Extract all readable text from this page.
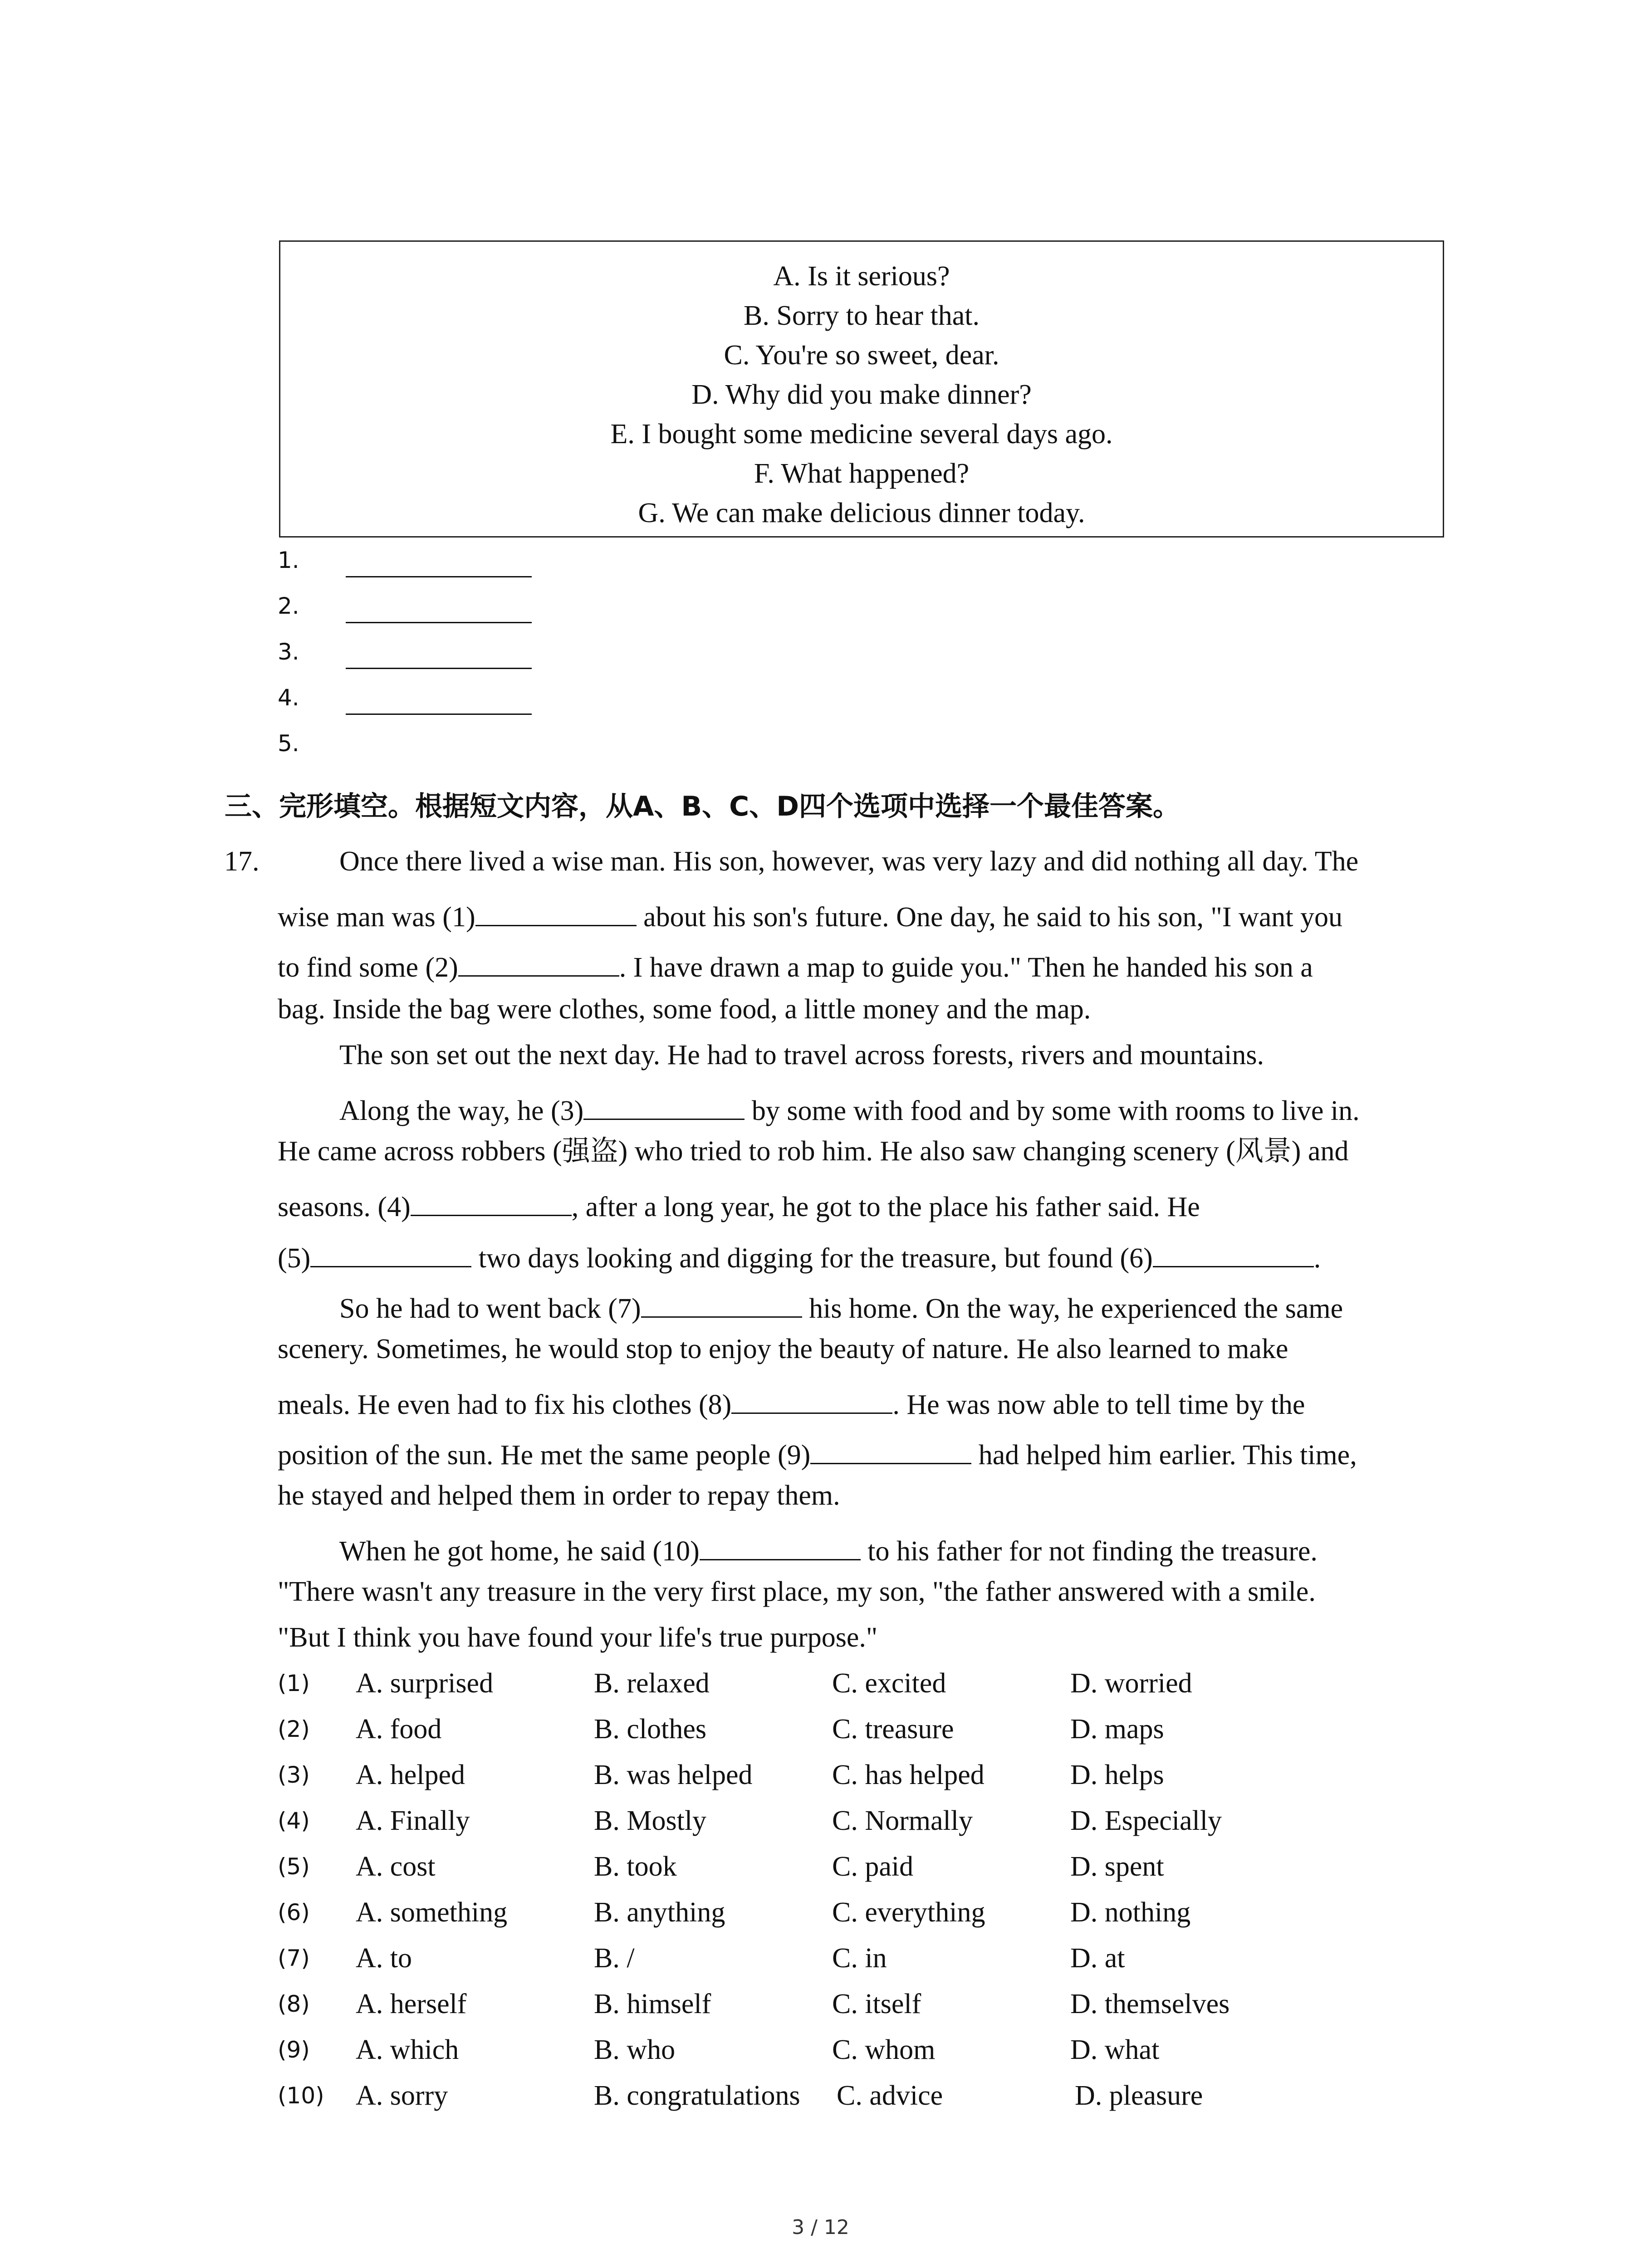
A. Is it serious?
B. Sorry to hear that.
C. You're so sweet, dear.
D. Why did you make dinner?
E. I bought some medicine several days ago.
F. What happened?
G. We can make delicious dinner today.
1.
2.
3.
4.
5.
三、完形填空。根据短文内容，从A、B、C、D四个选项中选择一个最佳答案。
17.	Once there lived a wise man. His son, however, was very lazy and did nothing all day. The
wise man was (1)	about his son's future. One day, he said to his son, "I want you
to find some (2)	. I have drawn a map to guide you." Then he handed his son a
bag. Inside the bag were clothes, some food, a little money and the map.
The son set out the next day. He had to travel across forests, rivers and mountains.
Along the way, he (3)	by some with food and by some with rooms to live in.
He came across robbers (强盗) who tried to rob him. He also saw changing scenery (风景) and
seasons. (4)	, after a long year, he got to the place his father said. He
(5)	two days looking and digging for the treasure, but found (6)	.
So he had to went back (7)	his home. On the way, he experienced the same
scenery. Sometimes, he would stop to enjoy the beauty of nature. He also learned to make
meals. He even had to fix his clothes (8)	. He was now able to tell time by the
position of the sun. He met the same people (9)	had helped him earlier. This time,
he stayed and helped them in order to repay them.
When he got home, he said (10)	to his father for not finding the treasure.
"There wasn't any treasure in the very first place, my son, "the father answered with a smile.
"But I think you have found your life's true purpose."
(1) A. surprised	B. relaxed	C. excited	D. worried
(2) A. food	B. clothes	C. treasure	D. maps
(3) A. helped	B. was helped	C. has helped	D. helps
(4) A. Finally	B. Mostly	C. Normally	D. Especially
(5) A. cost	B. took	C. paid	D. spent
(6) A. something	B. anything	C. everything	D. nothing
(7) A. to	B. /	C. in	D. at
(8) A. herself	B. himself	C. itself	D. themselves
(9) A. which	B. who	C. whom	D. what
(10) A. sorry	B. congratulations C. advice	D. pleasure
3 / 12
